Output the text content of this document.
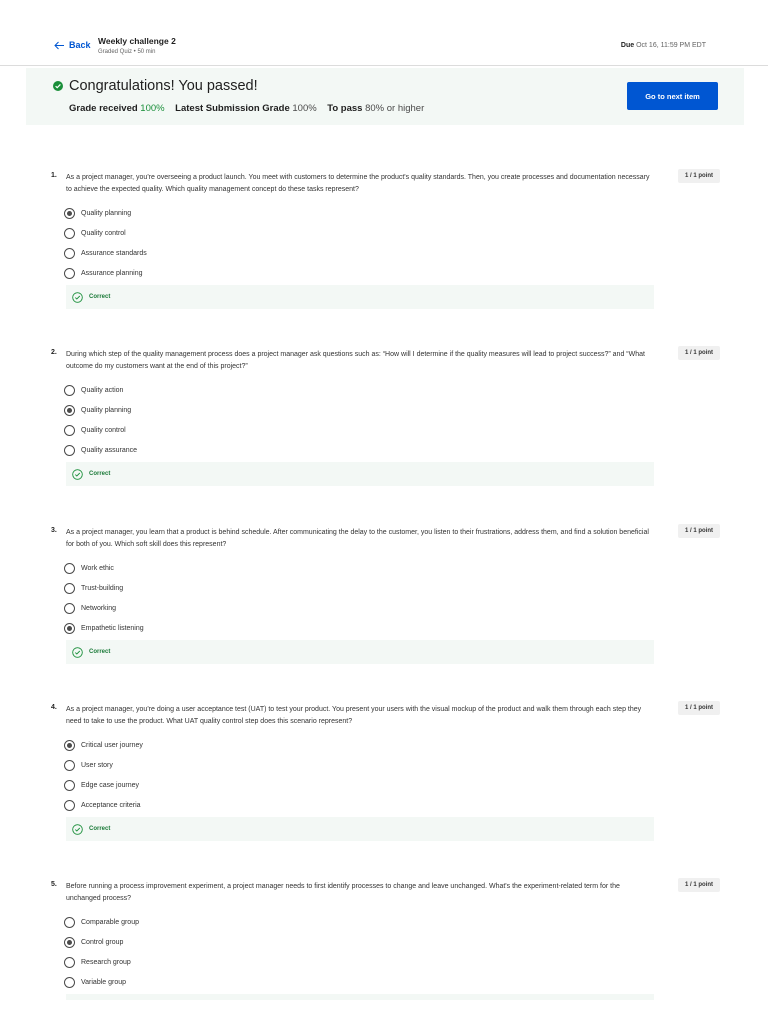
Back Weekly challenge 2
Graded Quiz • 50 min
Due Oct 16, 11:59 PM EDT
Congratulations! You passed!
Grade received 100% Latest Submission Grade 100% To pass 80% or higher
Go to next item
1. As a project manager, you're overseeing a product launch. You meet with customers to determine the product's quality standards. Then, you create processes and documentation necessary to achieve the expected quality. Which quality management concept do these tasks represent?
1 / 1 point
Quality planning
Quality control
Assurance standards
Assurance planning
Correct
2. During which step of the quality management process does a project manager ask questions such as: “How will I determine if the quality measures will lead to project success?” and “What outcome do my customers want at the end of this project?”
1 / 1 point
Quality action
Quality planning
Quality control
Quality assurance
Correct
3. As a project manager, you learn that a product is behind schedule. After communicating the delay to the customer, you listen to their frustrations, address them, and find a solution beneficial for both of you. Which soft skill does this represent?
1 / 1 point
Work ethic
Trust-building
Networking
Empathetic listening
Correct
4. As a project manager, you're doing a user acceptance test (UAT) to test your product. You present your users with the visual mockup of the product and walk them through each step they need to take to use the product. What UAT quality control step does this scenario represent?
1 / 1 point
Critical user journey
User story
Edge case journey
Acceptance criteria
Correct
5. Before running a process improvement experiment, a project manager needs to first identify processes to change and leave unchanged. What's the experiment-related term for the unchanged process?
1 / 1 point
Comparable group
Control group
Research group
Variable group
